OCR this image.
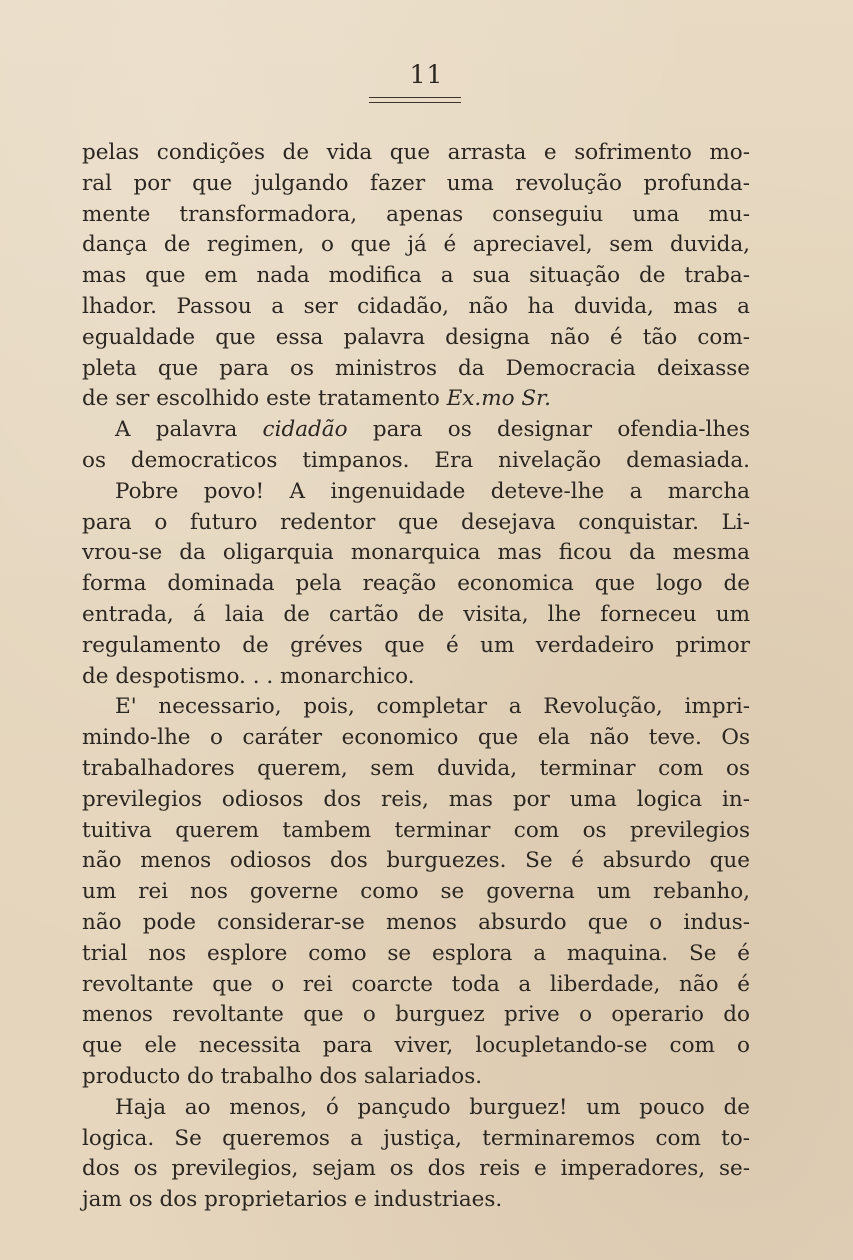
11
pelas condições de vida que arrasta e sofrimento mo-
ral por que julgando fazer uma revolução profunda-
mente transformadora, apenas conseguiu uma mu-
dança de regimen, o que já é apreciavel, sem duvida,
mas que em nada modifica a sua situação de traba-
lhador. Passou a ser cidadão, não ha duvida, mas a
egualdade que essa palavra designa não é tão com-
pleta que para os ministros da Democracia deixasse
de ser escolhido este tratamento Ex.mo Sr.
A palavra cidadão para os designar ofendia-lhes
os democraticos timpanos. Era nivelação demasiada.
Pobre povo! A ingenuidade deteve-lhe a marcha
para o futuro redentor que desejava conquistar. Li-
vrou-se da oligarquia monarquica mas ficou da mesma
forma dominada pela reação economica que logo de
entrada, á laia de cartão de visita, lhe forneceu um
regulamento de gréves que é um verdadeiro primor
de despotismo. . . monarchico.
E' necessario, pois, completar a Revolução, impri-
mindo-lhe o caráter economico que ela não teve. Os
trabalhadores querem, sem duvida, terminar com os
previlegios odiosos dos reis, mas por uma logica in-
tuitiva querem tambem terminar com os previlegios
não menos odiosos dos burguezes. Se é absurdo que
um rei nos governe como se governa um rebanho,
não pode considerar-se menos absurdo que o indus-
trial nos esplore como se esplora a maquina. Se é
revoltante que o rei coarcte toda a liberdade, não é
menos revoltante que o burguez prive o operario do
que ele necessita para viver, locupletando-se com o
producto do trabalho dos salariados.
Haja ao menos, ó pançudo burguez! um pouco de
logica. Se queremos a justiça, terminaremos com to-
dos os previlegios, sejam os dos reis e imperadores, se-
jam os dos proprietarios e industriaes.
